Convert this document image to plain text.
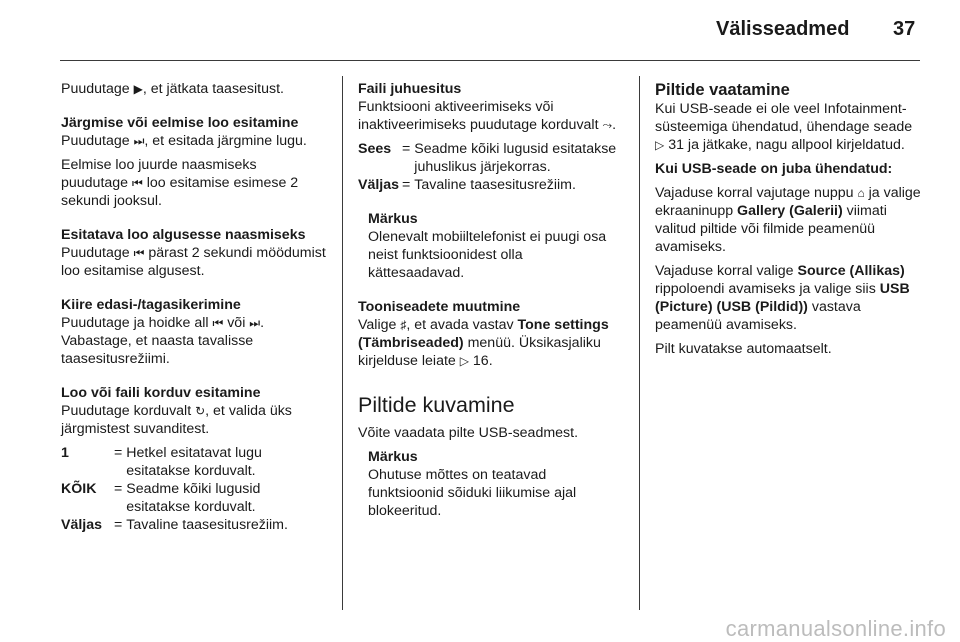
Välisseadmed 37

Puudutage ▶, et jätkata taasesitust.

Järgmise või eelmise loo esitamine

Puudutage ⏭, et esitada järgmine lugu.

Eelmise loo juurde naasmiseks puudutage ⏮ loo esitamise esimese 2 sekundi jooksul.

Esitatava loo algusesse naasmiseks

Puudutage ⏮ pärast 2 sekundi möödumist loo esitamise algusest.

Kiire edasi-/tagasikerimine

Puudutage ja hoidke all ⏮ või ⏭.

Vabastage, et naasta tavalisse taasesitusrežiimi.

Loo või faili korduv esitamine

Puudutage korduvalt ↻, et valida üks järgmistest suvanditest.

1	= Hetkel esitatavat lugu esitatakse korduvalt.
KÕIK	= Seadme kõiki lugusid esitatakse korduvalt.
Väljas = Tavaline taasesitusrežiim.

Faili juhuesitus

Funktsiooni aktiveerimiseks või inaktiveerimiseks puudutage korduvalt ⤳.

Sees = Seadme kõiki lugusid esitatakse juhuslikus järjekorras.
Väljas = Tavaline taasesitusrežiim.

Märkus

Olenevalt mobiiltelefonist ei puugi osa neist funktsioonidest olla kättesaadavad.

Tooniseadete muutmine

Valige ♯, et avada vastav Tone settings (Tämbriseaded) menüü. Üksikasjaliku kirjelduse leiate ▷ 16.

Piltide kuvamine

Võite vaadata pilte USB-seadmest.

Märkus

Ohutuse mõttes on teatavad funktsioonid sõiduki liikumise ajal blokeeritud.

Piltide vaatamine

Kui USB-seade ei ole veel Infotainment-süsteemiga ühendatud, ühendage seade ▷ 31 ja jätkake, nagu allpool kirjeldatud.

Kui USB-seade on juba ühendatud:

Vajaduse korral vajutage nuppu ⌂ ja valige ekraaninupp Gallery (Galerii) viimati valitud piltide või filmide peamenüü avamiseks.

Vajaduse korral valige Source (Allikas) rippoloendi avamiseks ja valige siis USB (Picture) (USB (Pildid)) vastava peamenüü avamiseks.

Pilt kuvatakse automaatselt.

carmanualsonline.info
